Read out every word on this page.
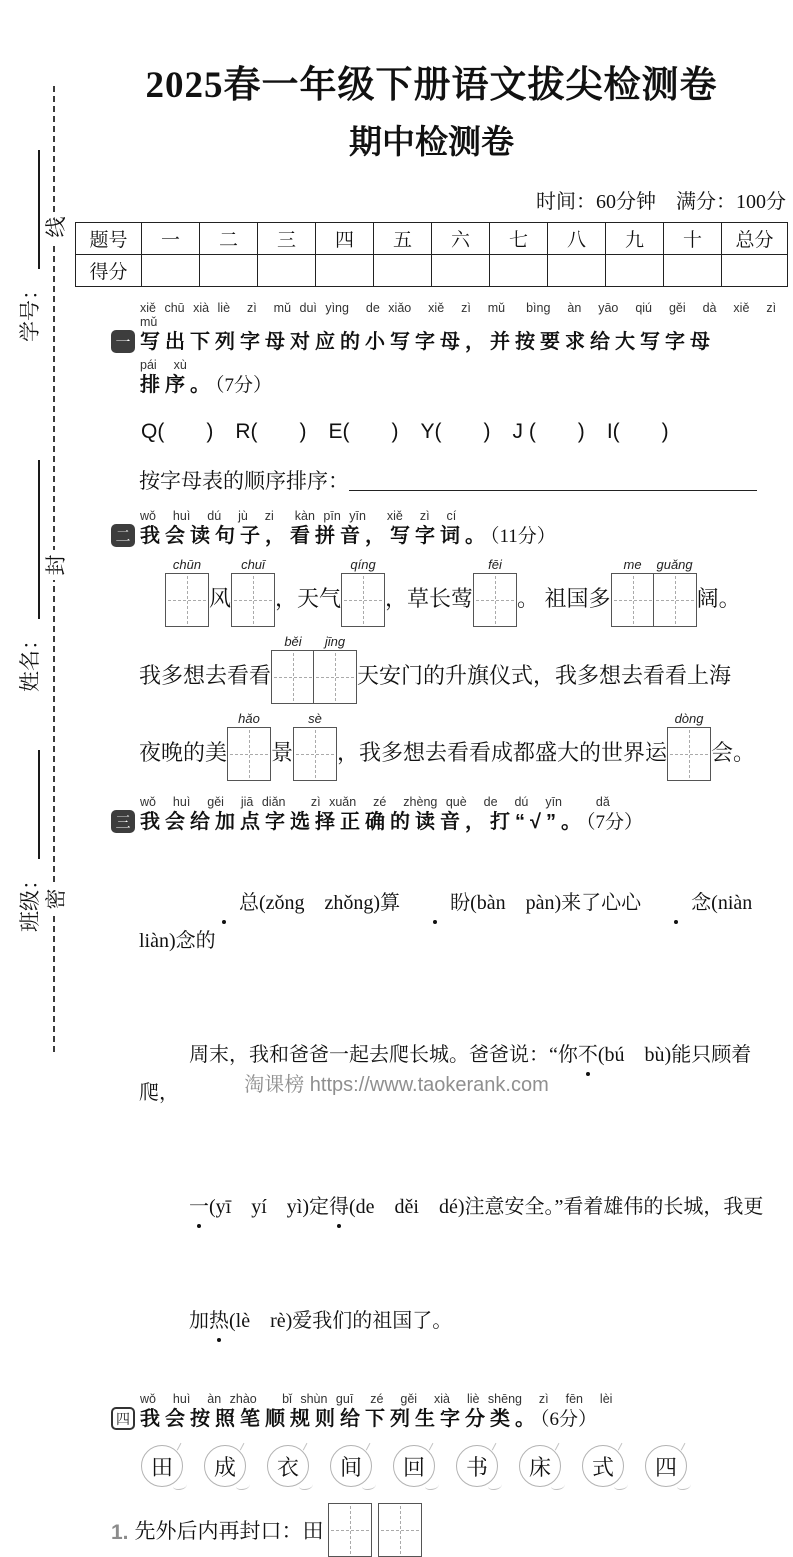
线
封
密
学号：
姓名：
班级：
2025春一年级下册语文拔尖检测卷
期中检测卷
时间：60分钟　满分：100分
题号	一	二	三	四	五	六	七	八	九	十	总分
得分											
一
xiě chū xià liè  zì  mǔ duì yìng  de xiǎo  xiě  zì  mǔ　 bìng  àn  yāo  qiú  gěi  dà  xiě  zì  mǔ
写出下列字母对应的小写字母，并按要求给大写字母
pái  xù
排序。（7分）
Q(　　) R(　　) E(　　) Y(　　) J (　　) I(　　)
按字母表的顺序排序：
二
wǒ  huì  dú  jù  zi　 kàn pīn yīn　 xiě  zì  cí
我会读句子，看拼音，写字词。（11分）
chūn
风
chuī
，天气
qíng
，草长莺
fēi
。 祖国多
me guǎng
阔。
我多想去看看
běi jīng
天安门的升旗仪式，我多想去看看上海
夜晚的美
hǎo
景
sè
，我多想去看看成都盛大的世界运
dòng
会。
三
wǒ  huì  gěi  jiā diǎn   zì xuǎn  zé  zhèng què  de  dú  yīn    dǎ
我会给加点字选择正确的读音，打“√”。（7分）

总(zǒng　zhǒng)算	盼(bàn　pàn)来了心心	念(niàn　liàn)念的

周末，我和爸爸一起去爬长城。爸爸说：“你不(bú　bù)能只顾着爬，

一(yī　yí　yì)定得(de　děi　dé)注意安全。”看着雄伟的长城，我更

加热(lè　rè)爱我们的祖国了。

四
wǒ  huì  àn zhào   bǐ shùn guī  zé  gěi  xià  liè shēng  zì  fēn  lèi
我会按照笔顺规则给下列生字分类。（6分）
田	成	衣	间	回	书	床	式	四
1. 先外后内再封口：田
淘课榜 https://www.taokerank.com
